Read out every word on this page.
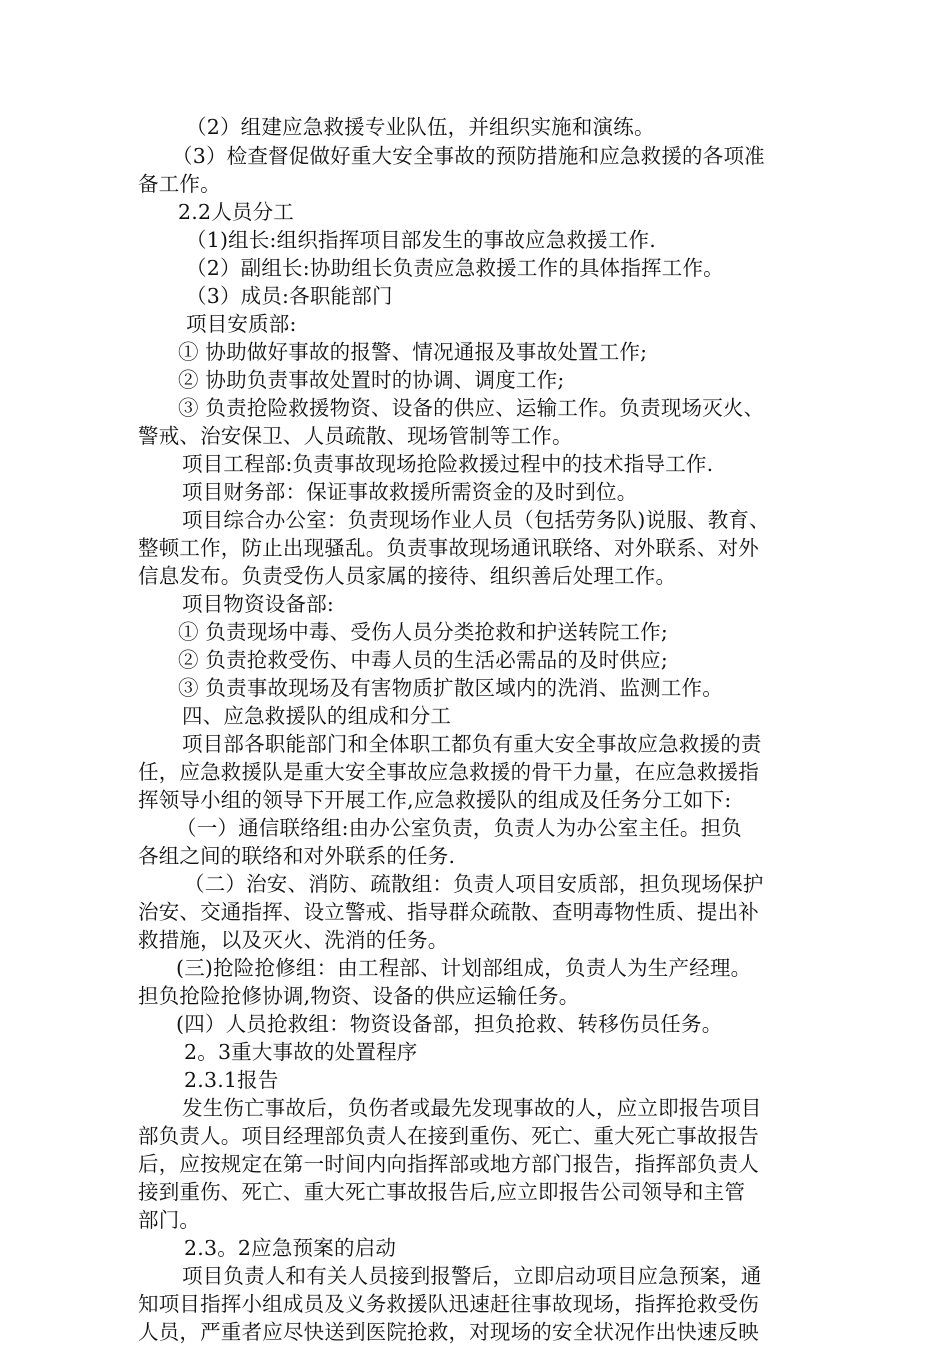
（2）组建应急救援专业队伍，并组织实施和演练。
（3）检查督促做好重大安全事故的预防措施和应急救援的各项准
备工作。
2.2人员分工
（1)组长:组织指挥项目部发生的事故应急救援工作.
（2）副组长:协助组长负责应急救援工作的具体指挥工作。
（3）成员:各职能部门
项目安质部:
① 协助做好事故的报警、情况通报及事故处置工作;
② 协助负责事故处置时的协调、调度工作;
③ 负责抢险救援物资、设备的供应、运输工作。负责现场灭火、
警戒、治安保卫、人员疏散、现场管制等工作。
项目工程部:负责事故现场抢险救援过程中的技术指导工作.
项目财务部：保证事故救援所需资金的及时到位。
项目综合办公室：负责现场作业人员（包括劳务队)说服、教育、
整顿工作，防止出现骚乱。负责事故现场通讯联络、对外联系、对外
信息发布。负责受伤人员家属的接待、组织善后处理工作。
项目物资设备部:
① 负责现场中毒、受伤人员分类抢救和护送转院工作;
② 负责抢救受伤、中毒人员的生活必需品的及时供应;
③ 负责事故现场及有害物质扩散区域内的洗消、监测工作。
四、应急救援队的组成和分工
项目部各职能部门和全体职工都负有重大安全事故应急救援的责
任，应急救援队是重大安全事故应急救援的骨干力量，在应急救援指
挥领导小组的领导下开展工作,应急救援队的组成及任务分工如下:
（一）通信联络组:由办公室负责，负责人为办公室主任。担负
各组之间的联络和对外联系的任务.
（二）治安、消防、疏散组：负责人项目安质部，担负现场保护
治安、交通指挥、设立警戒、指导群众疏散、查明毒物性质、提出补
救措施，以及灭火、洗消的任务。
(三)抢险抢修组：由工程部、计划部组成，负责人为生产经理。
担负抢险抢修协调,物资、设备的供应运输任务。
(四）人员抢救组：物资设备部，担负抢救、转移伤员任务。
2。3重大事故的处置程序
2.3.1报告
发生伤亡事故后，负伤者或最先发现事故的人，应立即报告项目
部负责人。项目经理部负责人在接到重伤、死亡、重大死亡事故报告
后，应按规定在第一时间内向指挥部或地方部门报告，指挥部负责人
接到重伤、死亡、重大死亡事故报告后,应立即报告公司领导和主管
部门。
2.3。2应急预案的启动
项目负责人和有关人员接到报警后，立即启动项目应急预案，通
知项目指挥小组成员及义务救援队迅速赶往事故现场，指挥抢救受伤
人员，严重者应尽快送到医院抢救，对现场的安全状况作出快速反映
